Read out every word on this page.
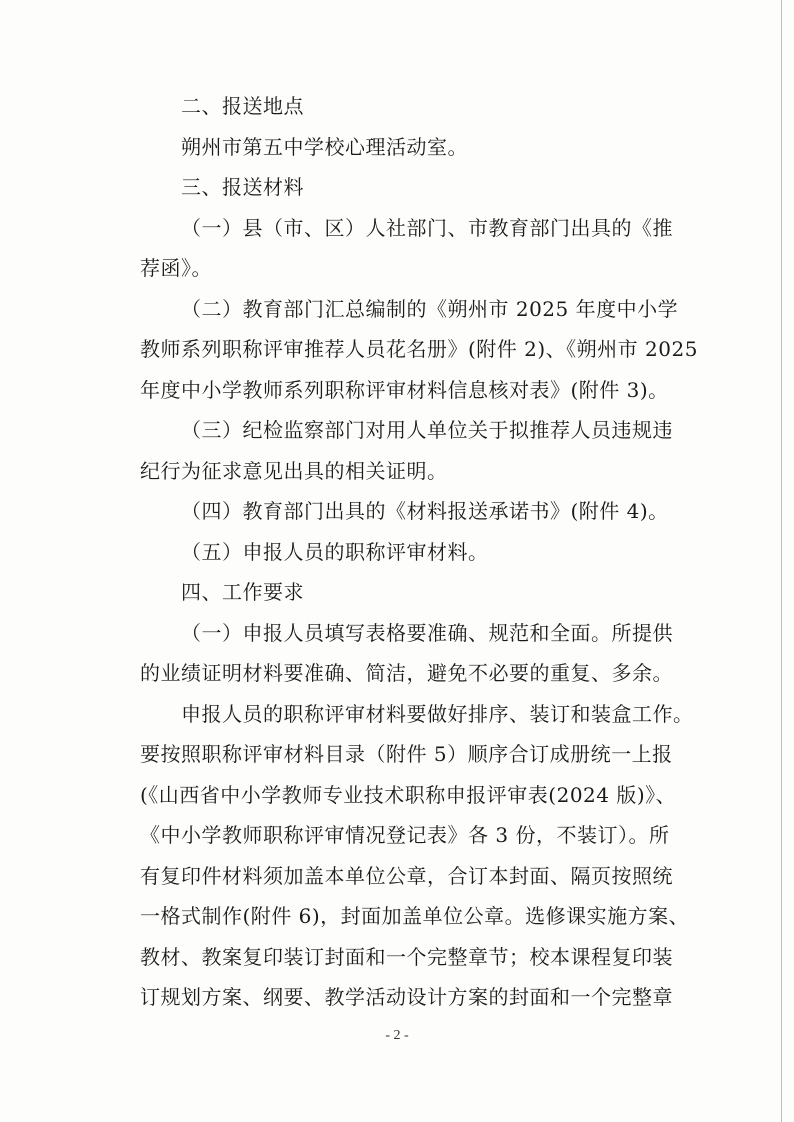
二、报送地点
朔州市第五中学校心理活动室。
三、报送材料
（一）县（市、区）人社部门、市教育部门出具的《推
荐函》。
（二）教育部门汇总编制的《朔州市 2025 年度中小学
教师系列职称评审推荐人员花名册》(附件 2)、《朔州市 2025
年度中小学教师系列职称评审材料信息核对表》(附件 3)。
（三）纪检监察部门对用人单位关于拟推荐人员违规违
纪行为征求意见出具的相关证明。
（四）教育部门出具的《材料报送承诺书》(附件 4)。
（五）申报人员的职称评审材料。
四、工作要求
（一）申报人员填写表格要准确、规范和全面。所提供
的业绩证明材料要准确、简洁，避免不必要的重复、多余。
申报人员的职称评审材料要做好排序、装订和装盒工作。
要按照职称评审材料目录（附件 5）顺序合订成册统一上报
(《山西省中小学教师专业技术职称申报评审表(2024 版)》、
《中小学教师职称评审情况登记表》各 3 份，不装订）。所
有复印件材料须加盖本单位公章，合订本封面、隔页按照统
一格式制作(附件 6)，封面加盖单位公章。选修课实施方案、
教材、教案复印装订封面和一个完整章节；校本课程复印装
订规划方案、纲要、教学活动设计方案的封面和一个完整章
- 2 -
